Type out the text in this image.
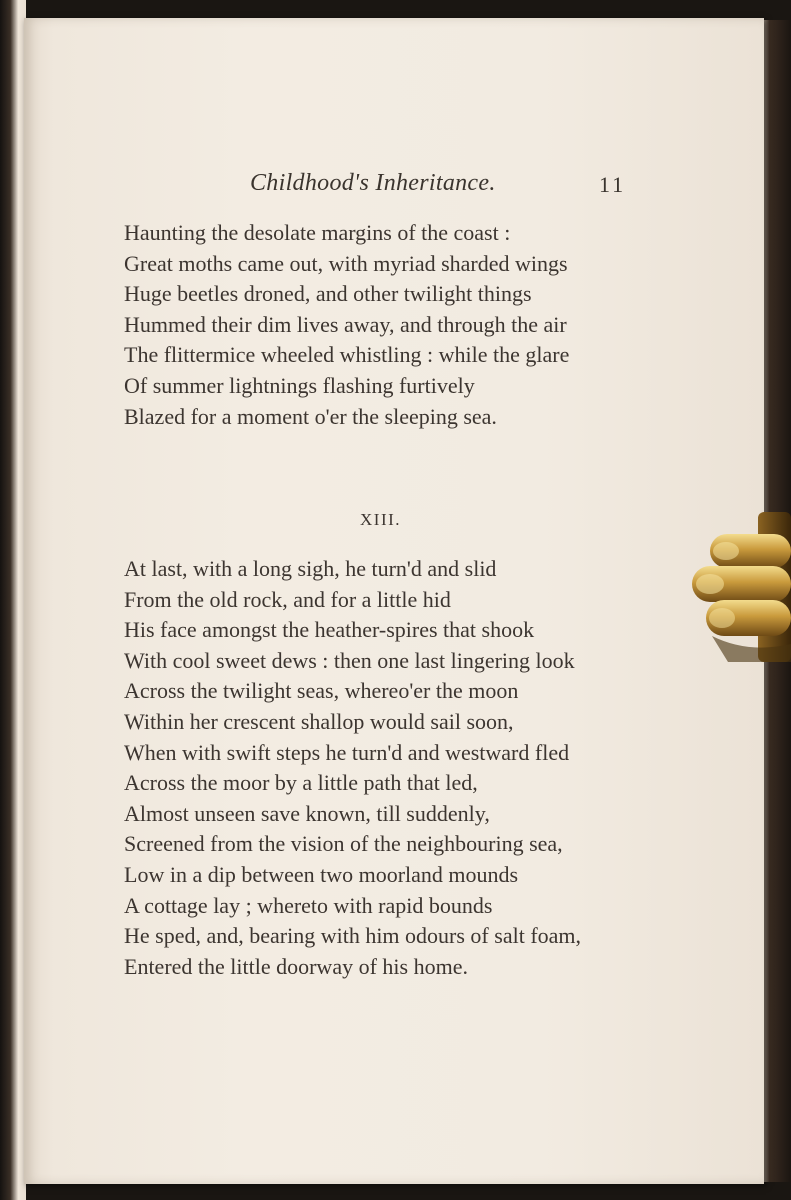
Childhood's Inheritance.	11
Haunting the desolate margins of the coast :
Great moths came out, with myriad sharded wings
Huge beetles droned, and other twilight things
Hummed their dim lives away, and through the air
The flittermice wheeled whistling : while the glare
Of summer lightnings flashing furtively
Blazed for a moment o'er the sleeping sea.
XIII.
At last, with a long sigh, he turn'd and slid
From the old rock, and for a little hid
His face amongst the heather-spires that shook
With cool sweet dews : then one last lingering look
Across the twilight seas, whereo'er the moon
Within her crescent shallop would sail soon,
When with swift steps he turn'd and westward fled
Across the moor by a little path that led,
Almost unseen save known, till suddenly,
Screened from the vision of the neighbouring sea,
Low in a dip between two moorland mounds
A cottage lay ; whereto with rapid bounds
He sped, and, bearing with him odours of salt foam,
Entered the little doorway of his home.
